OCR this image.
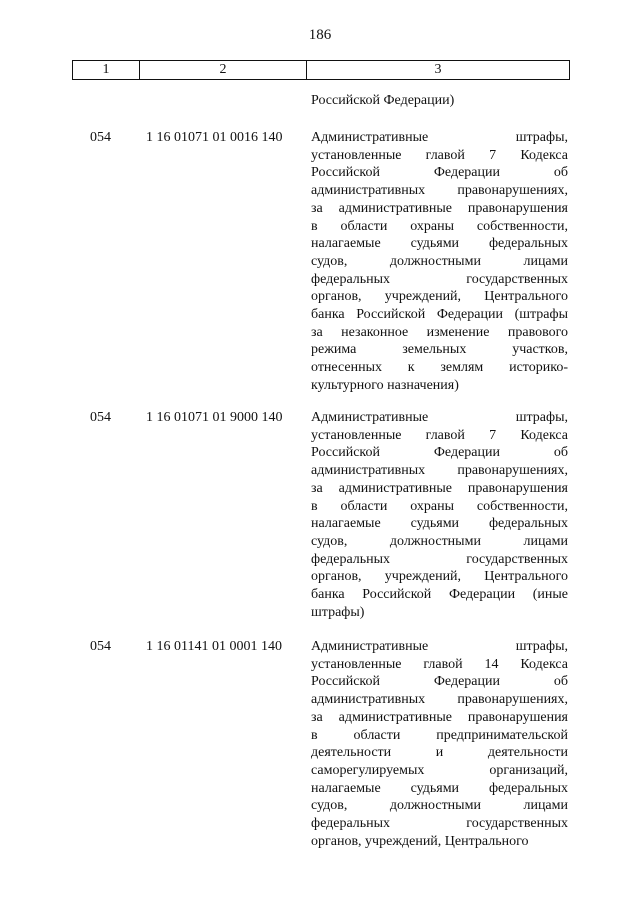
186
1	2	3
Российской Федерации)
054	1 16 01071 01 0016 140 Административные штрафы,
установленные главой 7 Кодекса
Российской Федерации об
административных правонарушениях,
за административные правонарушения
в области охраны собственности,
налагаемые судьями федеральных
судов, должностными лицами
федеральных государственных
органов, учреждений, Центрального
банка Российской Федерации (штрафы
за незаконное изменение правового
режима земельных участков,
отнесенных к землям историко-
культурного назначения)
054	1 16 01071 01 9000 140 Административные штрафы,
установленные главой 7 Кодекса
Российской Федерации об
административных правонарушениях,
за административные правонарушения
в области охраны собственности,
налагаемые судьями федеральных
судов, должностными лицами
федеральных государственных
органов, учреждений, Центрального
банка Российской Федерации (иные
штрафы)
054	1 16 01141 01 0001 140 Административные штрафы,
установленные главой 14 Кодекса
Российской Федерации об
административных правонарушениях,
за административные правонарушения
в области предпринимательской
деятельности и деятельности
саморегулируемых организаций,
налагаемые судьями федеральных
судов, должностными лицами
федеральных государственных
органов, учреждений, Центрального
